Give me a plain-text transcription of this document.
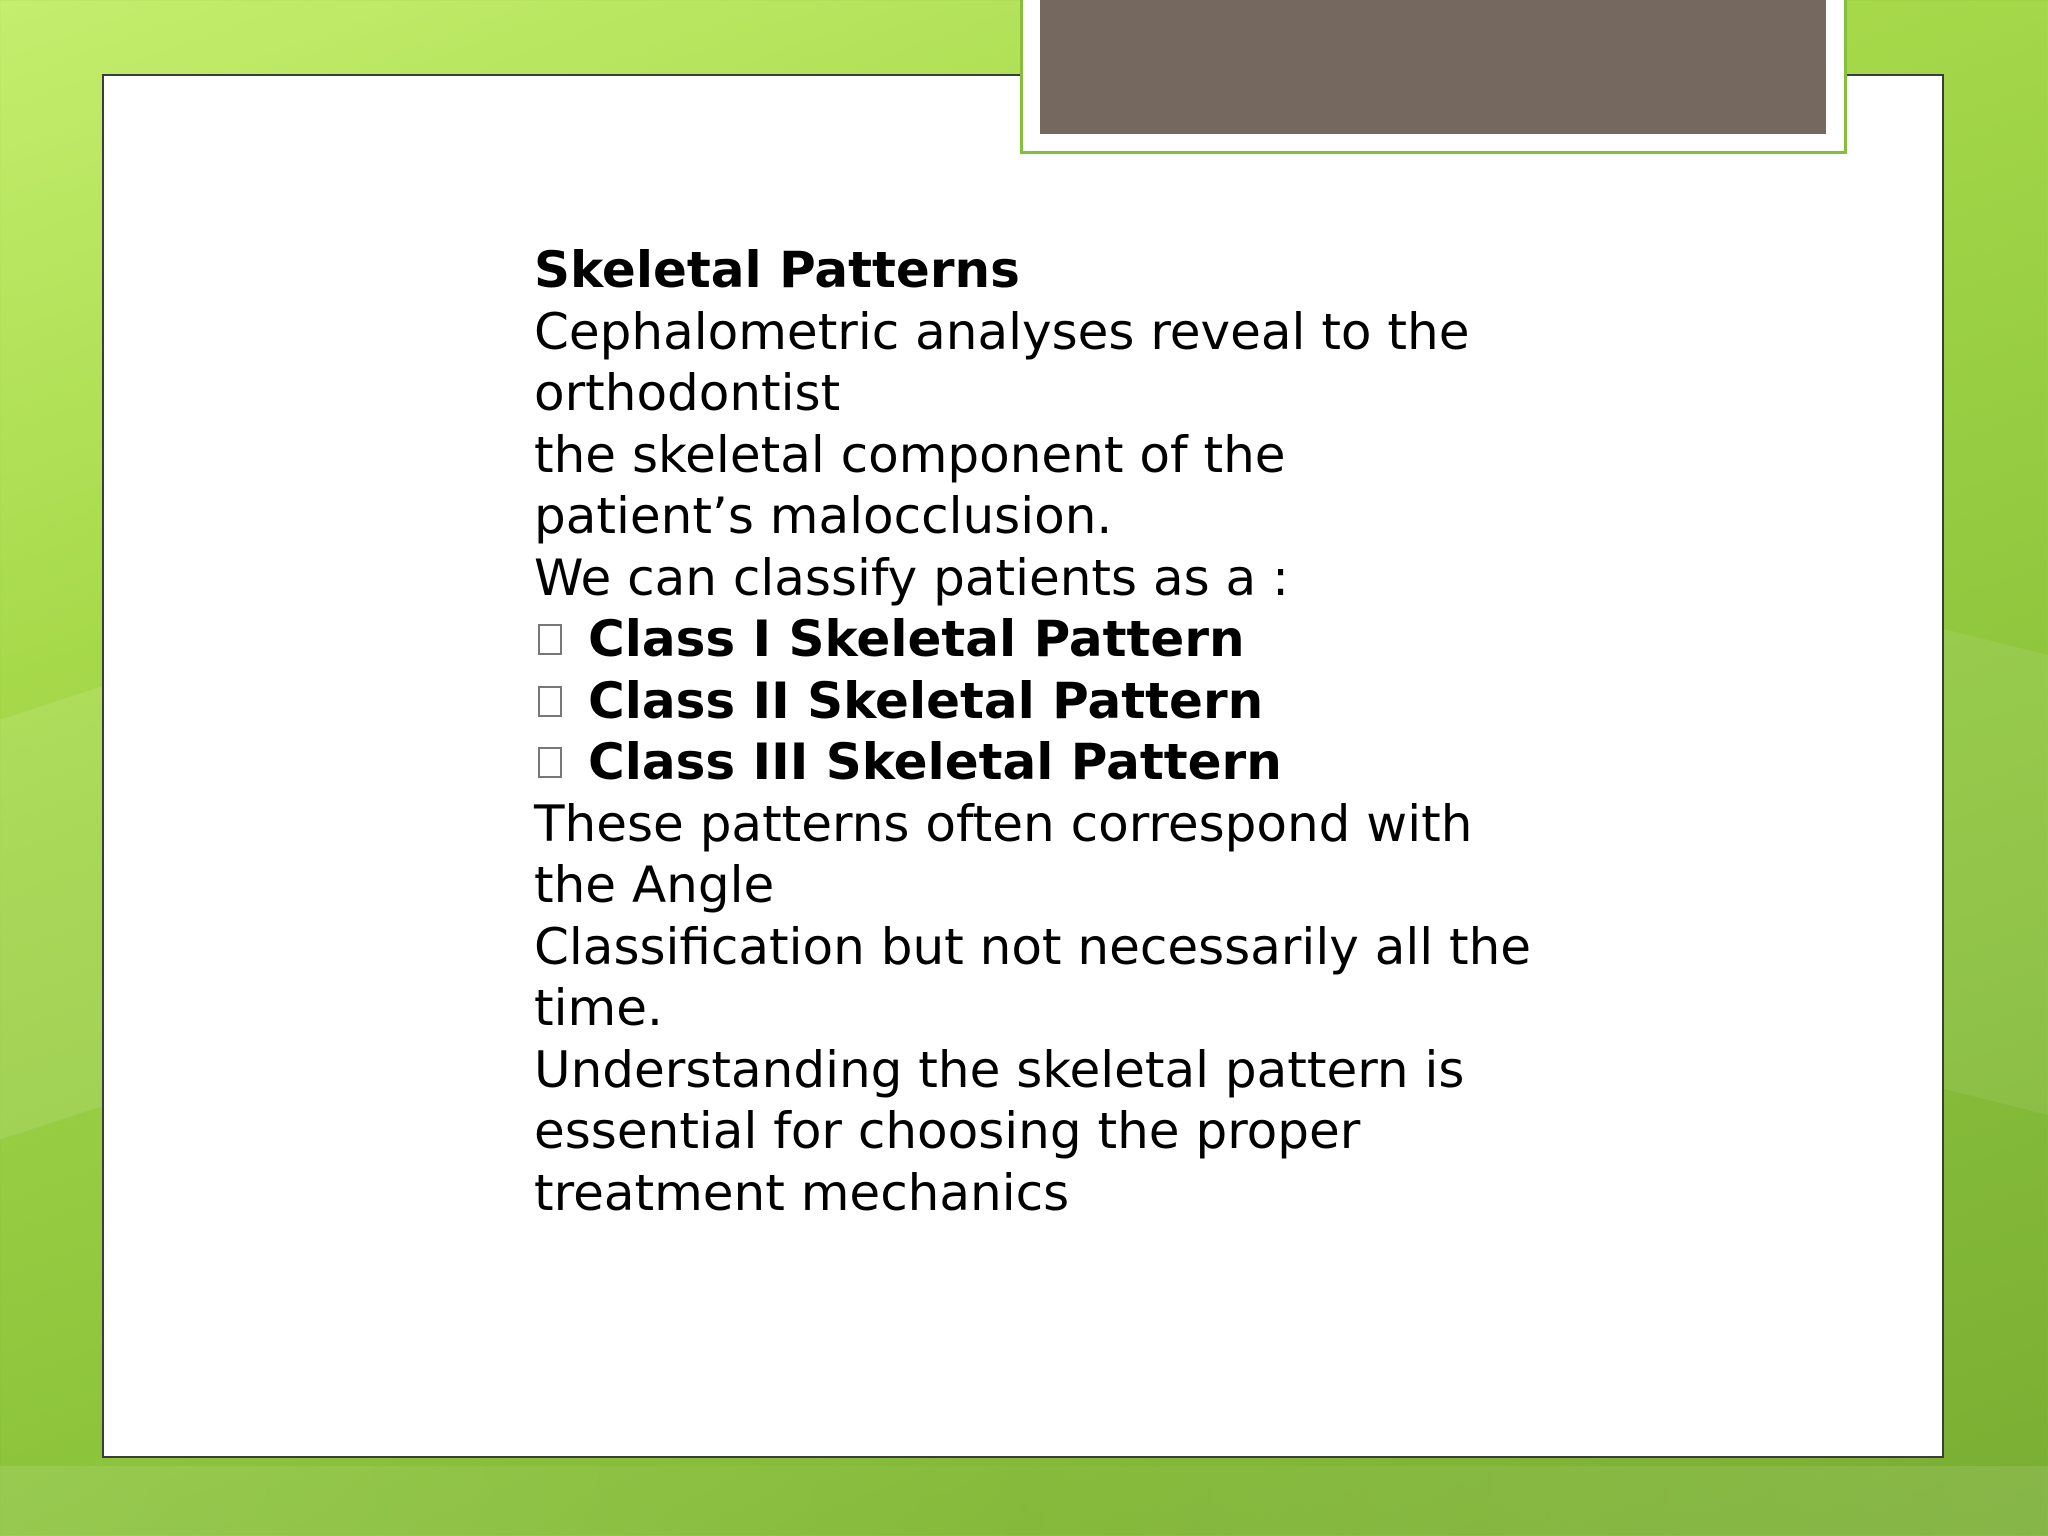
Skeletal Patterns
Cephalometric analyses reveal to the
orthodontist
the skeletal component of the
patient’s malocclusion.
We can classify patients as a :
Class I Skeletal Pattern
Class II Skeletal Pattern
Class III Skeletal Pattern
These patterns often correspond with
the Angle
Classification but not necessarily all the
time.
Understanding the skeletal pattern is
essential for choosing the proper
treatment mechanics
